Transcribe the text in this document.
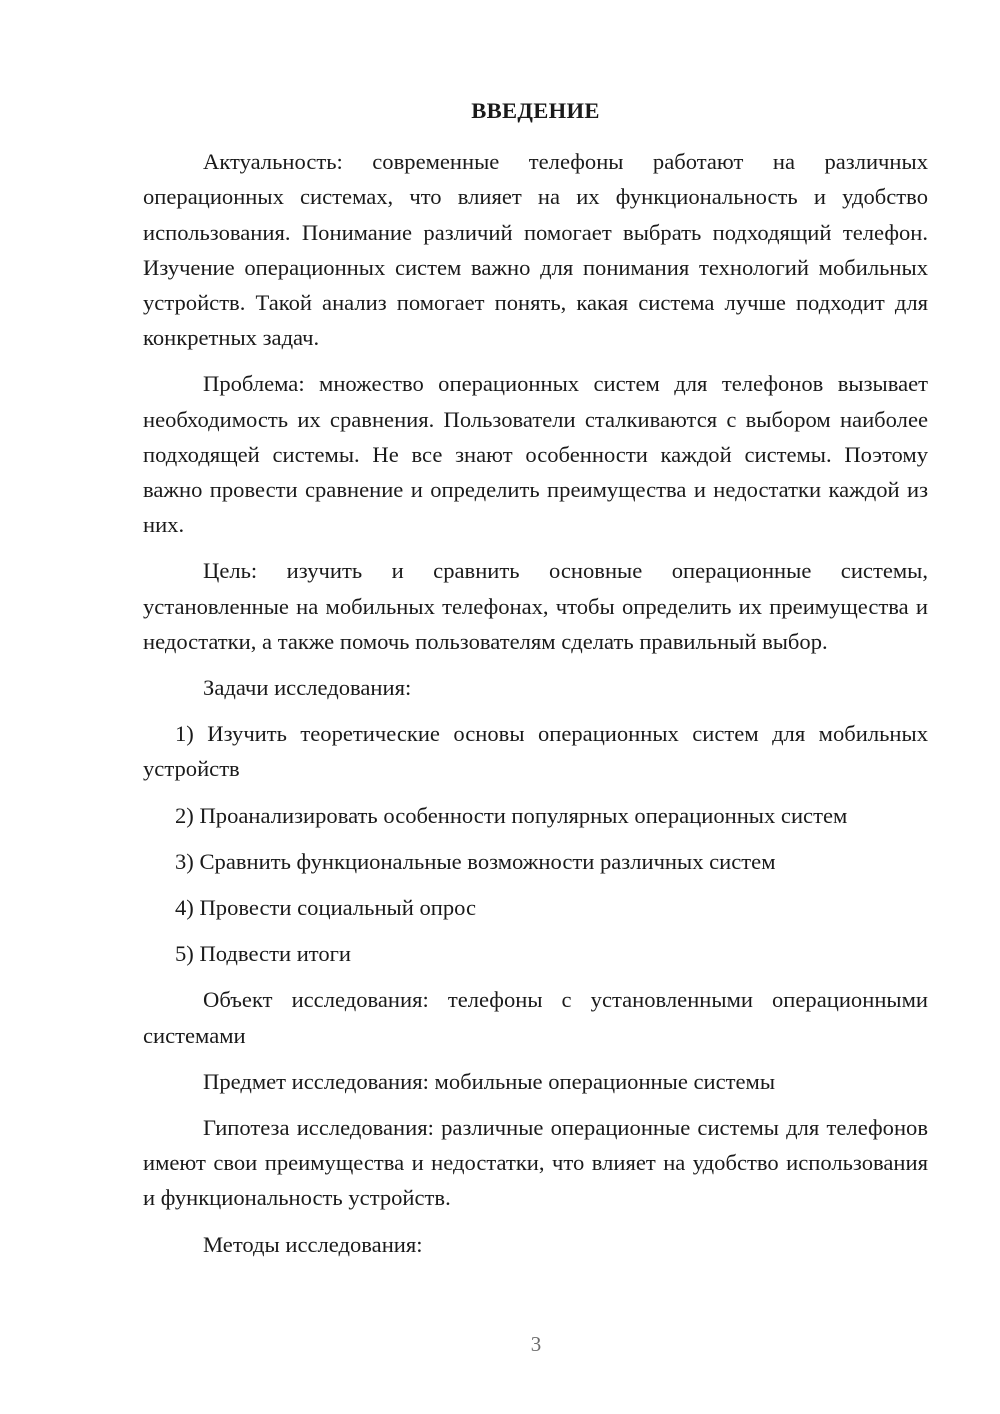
ВВЕДЕНИЕ

Актуальность: современные телефоны работают на различных операционных системах, что влияет на их функциональность и удобство использования. Понимание различий помогает выбрать подходящий телефон. Изучение операционных систем важно для понимания технологий мобильных устройств. Такой анализ помогает понять, какая система лучше подходит для конкретных задач.

Проблема: множество операционных систем для телефонов вызывает необходимость их сравнения. Пользователи сталкиваются с выбором наиболее подходящей системы. Не все знают особенности каждой системы. Поэтому важно провести сравнение и определить преимущества и недостатки каждой из них.

Цель: изучить и сравнить основные операционные системы, установленные на мобильных телефонах, чтобы определить их преимущества и недостатки, а также помочь пользователям сделать правильный выбор.

Задачи исследования:

1) Изучить теоретические основы операционных систем для мобильных устройств

2) Проанализировать особенности популярных операционных систем

3) Сравнить функциональные возможности различных систем

4) Провести социальный опрос

5) Подвести итоги

Объект исследования: телефоны с установленными операционными системами

Предмет исследования: мобильные операционные системы

Гипотеза исследования: различные операционные системы для телефонов имеют свои преимущества и недостатки, что влияет на удобство использования и функциональность устройств.

Методы исследования:

3
